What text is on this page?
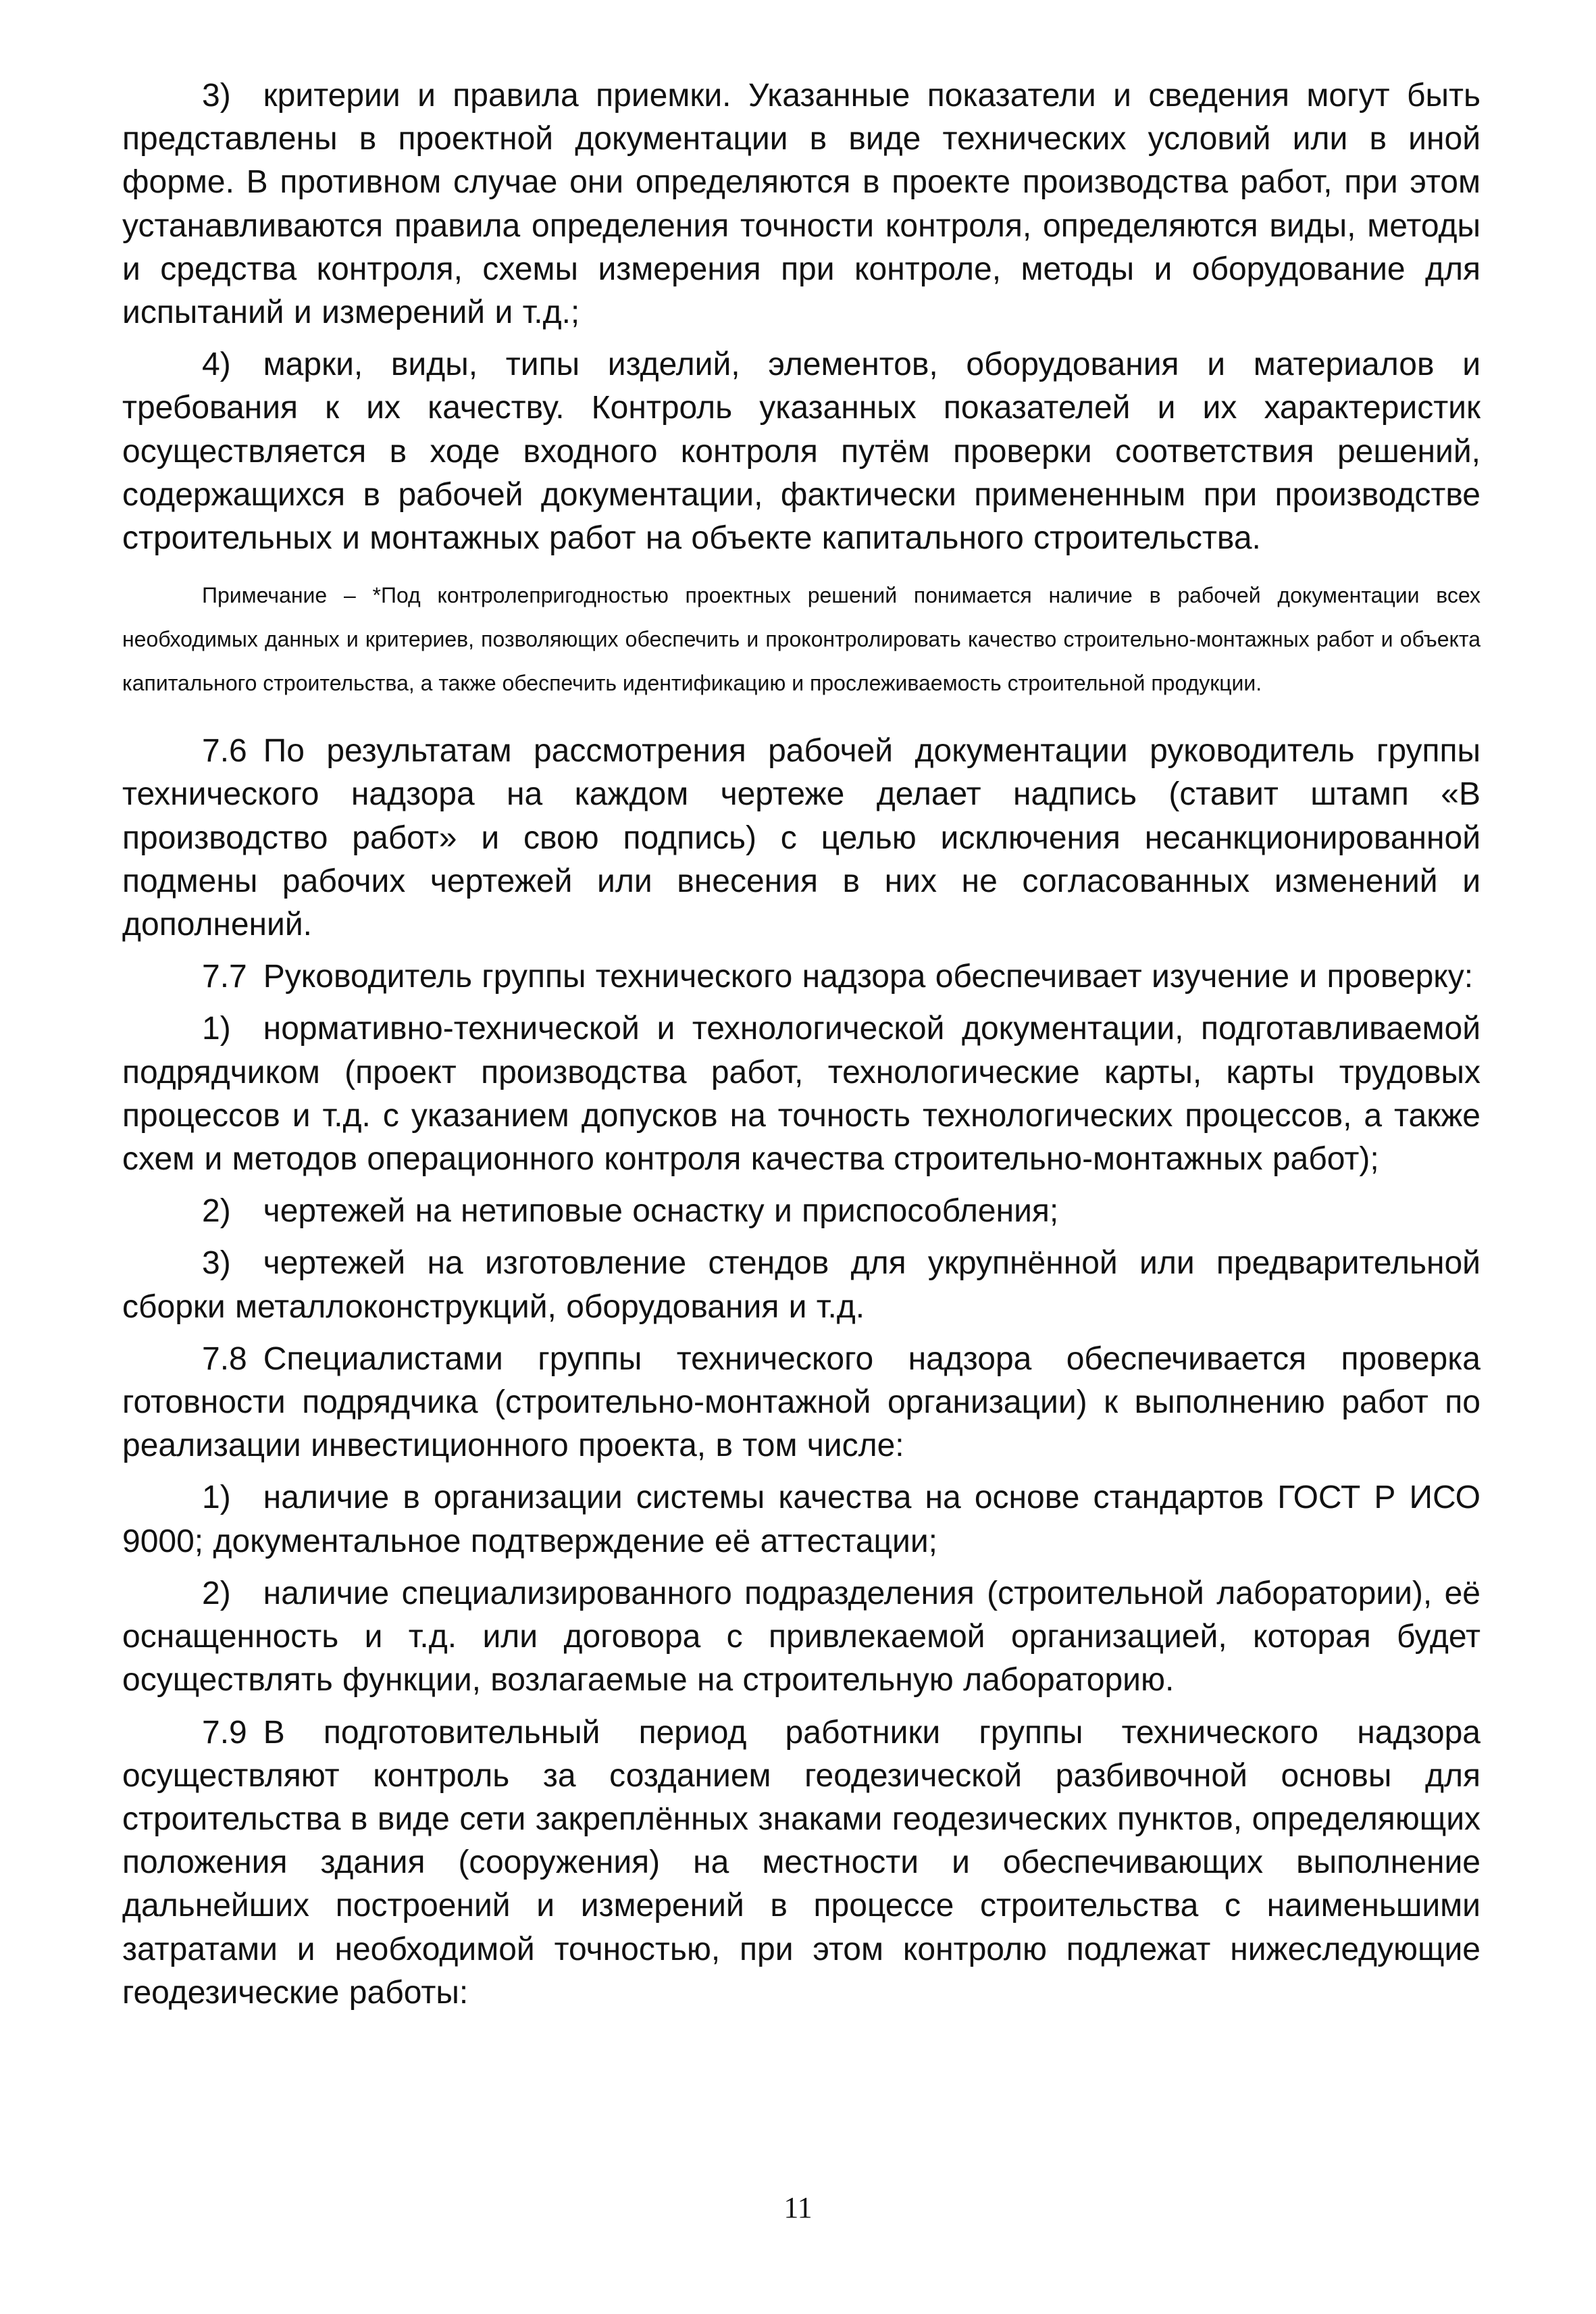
3) критерии и правила приемки. Указанные показатели и сведения могут быть представлены в проектной документации в виде технических условий или в иной форме. В противном случае они определяются в проекте производства работ, при этом устанавливаются правила определения точности контроля, определяются виды, методы и средства контроля, схемы измерения при контроле, методы и оборудование для испытаний и измерений и т.д.;

4) марки, виды, типы изделий, элементов, оборудования и материалов и требования к их качеству. Контроль указанных показателей и их характеристик осуществляется в ходе входного контроля путём проверки соответствия решений, содержащихся в рабочей документации, фактически примененным при производстве строительных и монтажных работ на объекте капитального строительства.

Примечание – *Под контролепригодностью проектных решений понимается наличие в рабочей документации всех необходимых данных и критериев, позволяющих обеспечить и проконтролировать качество строительно-монтажных работ и объекта капитального строительства, а также обеспечить идентификацию и прослеживаемость строительной продукции.

7.6 По результатам рассмотрения рабочей документации руководитель группы технического надзора на каждом чертеже делает надпись (ставит штамп «В производство работ» и свою подпись) с целью исключения несанкционированной подмены рабочих чертежей или внесения в них не согласованных изменений и дополнений.

7.7 Руководитель группы технического надзора обеспечивает изучение и проверку:

1) нормативно-технической и технологической документации, подготавливаемой подрядчиком (проект производства работ, технологические карты, карты трудовых процессов и т.д. с указанием допусков на точность технологических процессов, а также схем и методов операционного контроля качества строительно-монтажных работ);

2) чертежей на нетиповые оснастку и приспособления;

3) чертежей на изготовление стендов для укрупнённой или предварительной сборки металлоконструкций, оборудования и т.д.

7.8 Специалистами группы технического надзора обеспечивается проверка готовности подрядчика (строительно-монтажной организации) к выполнению работ по реализации инвестиционного проекта, в том числе:

1) наличие в организации системы качества на основе стандартов ГОСТ Р ИСО 9000; документальное подтверждение её аттестации;

2) наличие специализированного подразделения (строительной лаборатории), её оснащенность и т.д. или договора с привлекаемой организацией, которая будет осуществлять функции, возлагаемые на строительную лабораторию.

7.9 В подготовительный период работники группы технического надзора осуществляют контроль за созданием геодезической разбивочной основы для строительства в виде сети закреплённых знаками геодезических пунктов, определяющих положения здания (сооружения) на местности и обеспечивающих выполнение дальнейших построений и измерений в процессе строительства с наименьшими затратами и необходимой точностью, при этом контролю подлежат нижеследующие геодезические работы:

11
